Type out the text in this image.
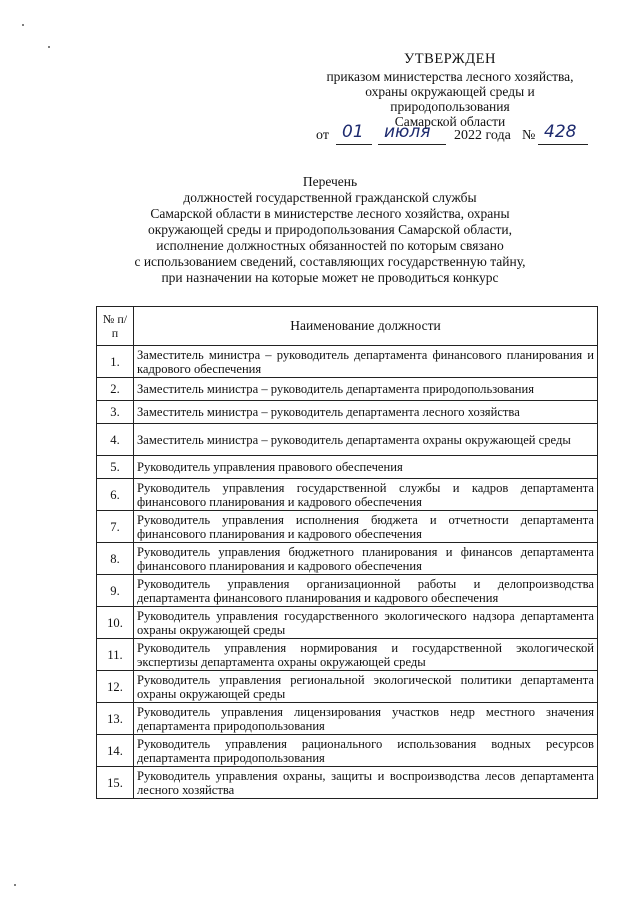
УТВЕРЖДЕН
приказом министерства лесного хозяйства,
охраны окружающей среды и
природопользования
Самарской области
от 01 июля 2022 года № 428
Перечень
должностей государственной гражданской службы
Самарской области в министерстве лесного хозяйства, охраны
окружающей среды и природопользования Самарской области,
исполнение должностных обязанностей по которым связано
с использованием сведений, составляющих государственную тайну,
при назначении на которые может не проводиться конкурс
№ п/п	Наименование должности
1.	Заместитель министра – руководитель департамента финансового планирования и кадрового обеспечения
2.	Заместитель министра – руководитель департамента природопользования
3.	Заместитель министра – руководитель департамента лесного хозяйства
4.	Заместитель министра – руководитель департамента охраны окружающей среды
5.	Руководитель управления правового обеспечения
6.	Руководитель управления государственной службы и кадров департамента финансового планирования и кадрового обеспечения
7.	Руководитель управления исполнения бюджета и отчетности департамента финансового планирования и кадрового обеспечения
8.	Руководитель управления бюджетного планирования и финансов департамента финансового планирования и кадрового обеспечения
9.	Руководитель управления организационной работы и делопроизводства департамента финансового планирования и кадрового обеспечения
10.	Руководитель управления государственного экологического надзора департамента охраны окружающей среды
11.	Руководитель управления нормирования и государственной экологической экспертизы департамента охраны окружающей среды
12.	Руководитель управления региональной экологической политики департамента охраны окружающей среды
13.	Руководитель управления лицензирования участков недр местного значения департамента природопользования
14.	Руководитель управления рационального использования водных ресурсов департамента природопользования
15.	Руководитель управления охраны, защиты и воспроизводства лесов департамента лесного хозяйства
